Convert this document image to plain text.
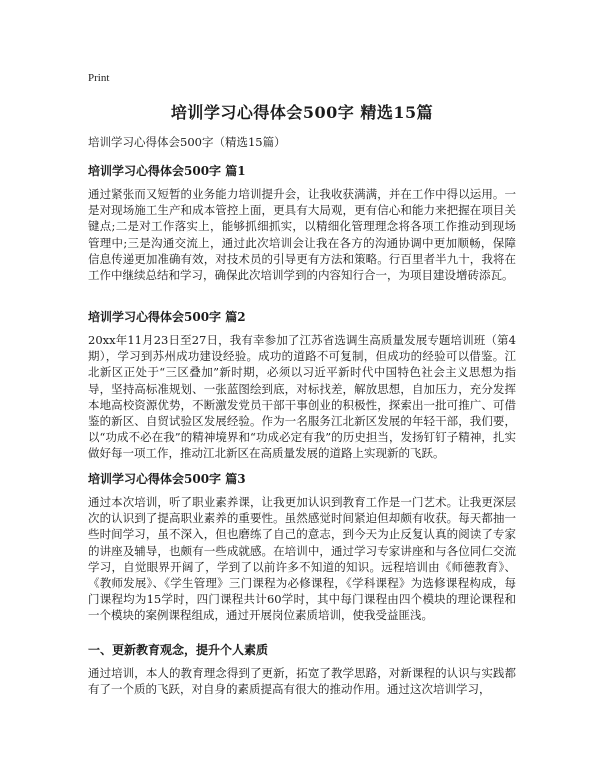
Print
培训学习心得体会500字 精选15篇
培训学习心得体会500字（精选15篇）
培训学习心得体会500字 篇1
通过紧张而又短暂的业务能力培训提升会，让我收获满满，并在工作中得以运用。一是对现场施工生产和成本管控上面，更具有大局观，更有信心和能力来把握在项目关键点;二是对工作落实上，能够抓细抓实，以精细化管理理念将各项工作推动到现场管理中;三是沟通交流上，通过此次培训会让我在各方的沟通协调中更加顺畅，保障信息传递更加准确有效，对技术员的引导更有方法和策略。行百里者半九十，我将在工作中继续总结和学习，确保此次培训学到的内容知行合一，为项目建设增砖添瓦。
培训学习心得体会500字 篇2
20xx年11月23日至27日，我有幸参加了江苏省选调生高质量发展专题培训班（第4期），学习到苏州成功建设经验。成功的道路不可复制，但成功的经验可以借鉴。江北新区正处于“三区叠加”新时期，必须以习近平新时代中国特色社会主义思想为指导，坚持高标准规划、一张蓝图绘到底，对标找差，解放思想，自加压力，充分发挥本地高校资源优势，不断激发党员干部干事创业的积极性，探索出一批可推广、可借鉴的新区、自贸试验区发展经验。作为一名服务江北新区发展的年轻干部，我们要，以“功成不必在我”的精神境界和“功成必定有我”的历史担当，发扬钉钉子精神，扎实做好每一项工作，推动江北新区在高质量发展的道路上实现新的飞跃。
培训学习心得体会500字 篇3
通过本次培训，听了职业素养课，让我更加认识到教育工作是一门艺术。让我更深层次的认识到了提高职业素养的重要性。虽然感觉时间紧迫但却颇有收获。每天都抽一些时间学习，虽不深入，但也磨练了自己的意志，到今天为止反复认真的阅读了专家的讲座及辅导，也颇有一些成就感。在培训中，通过学习专家讲座和与各位同仁交流学习，自觉眼界开阔了，学到了以前许多不知道的知识。远程培训由《师德教育》、《教师发展》、《学生管理》三门课程为必修课程，《学科课程》为选修课程构成，每门课程均为15学时，四门课程共计60学时，其中每门课程由四个模块的理论课程和一个模块的案例课程组成，通过开展岗位素质培训，使我受益匪浅。
一、更新教育观念，提升个人素质
通过培训，本人的教育理念得到了更新，拓宽了教学思路，对新课程的认识与实践都有了一个质的飞跃，对自身的素质提高有很大的推动作用。通过这次培训学习，
